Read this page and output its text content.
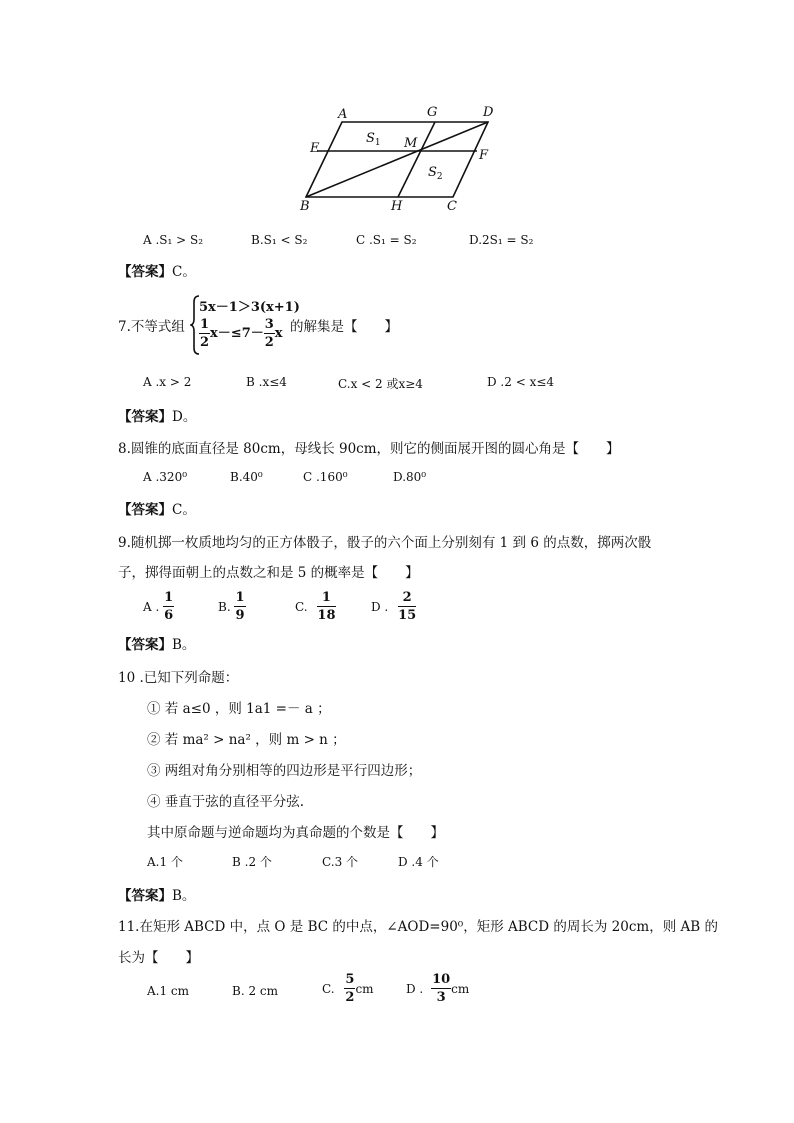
A	G	D
E	M
F
B	H	C
$S_1$
$S_2$
A .S₁ > S₂	B.S₁ < S₂	C .S₁ = S₂	D.2S₁ = S₂
【答案】C。
7.不等式组
5x－1＞3(x+1)
$\frac{1}{2} x-\le 7- \frac{3}{2}$ x 的解集是【　　】
A .x > 2	B .x≤4	C.x < 2 或x≥4	D .2 < x≤4
【答案】D。
8.圆锥的底面直径是 80cm，母线长 90cm，则它的侧面展开图的圆心角是【　　】
A .320⁰	B.40⁰	C .160⁰	D.80⁰
【答案】C。
9.随机掷一枚质地均匀的正方体骰子，骰子的六个面上分别刻有 1 到 6 的点数，掷两次骰
子，掷得面朝上的点数之和是 5 的概率是【　　】
A . $\frac{1}{6}$	B. $\frac{1}{9}$	C. $\frac{1}{18}$	D . $\frac{2}{15}$
【答案】B。
10 .已知下列命题：
① 若 a≤0 ，则 1a1 =－ a ；
② 若 ma² > na² ，则 m > n ；
③ 两组对角分别相等的四边形是平行四边形；
④ 垂直于弦的直径平分弦.
其中原命题与逆命题均为真命题的个数是【　　】
A.1 个	B .2 个	C.3 个	D .4 个
【答案】B。
11.在矩形 ABCD 中，点 O 是 BC 的中点，∠AOD=90⁰，矩形 ABCD 的周长为 20cm，则 AB 的
长为【　　】
A.1 cm	B. 2 cm	C. $\frac{5}{2}$ cm	D . $\frac{10}{3}$ cm
